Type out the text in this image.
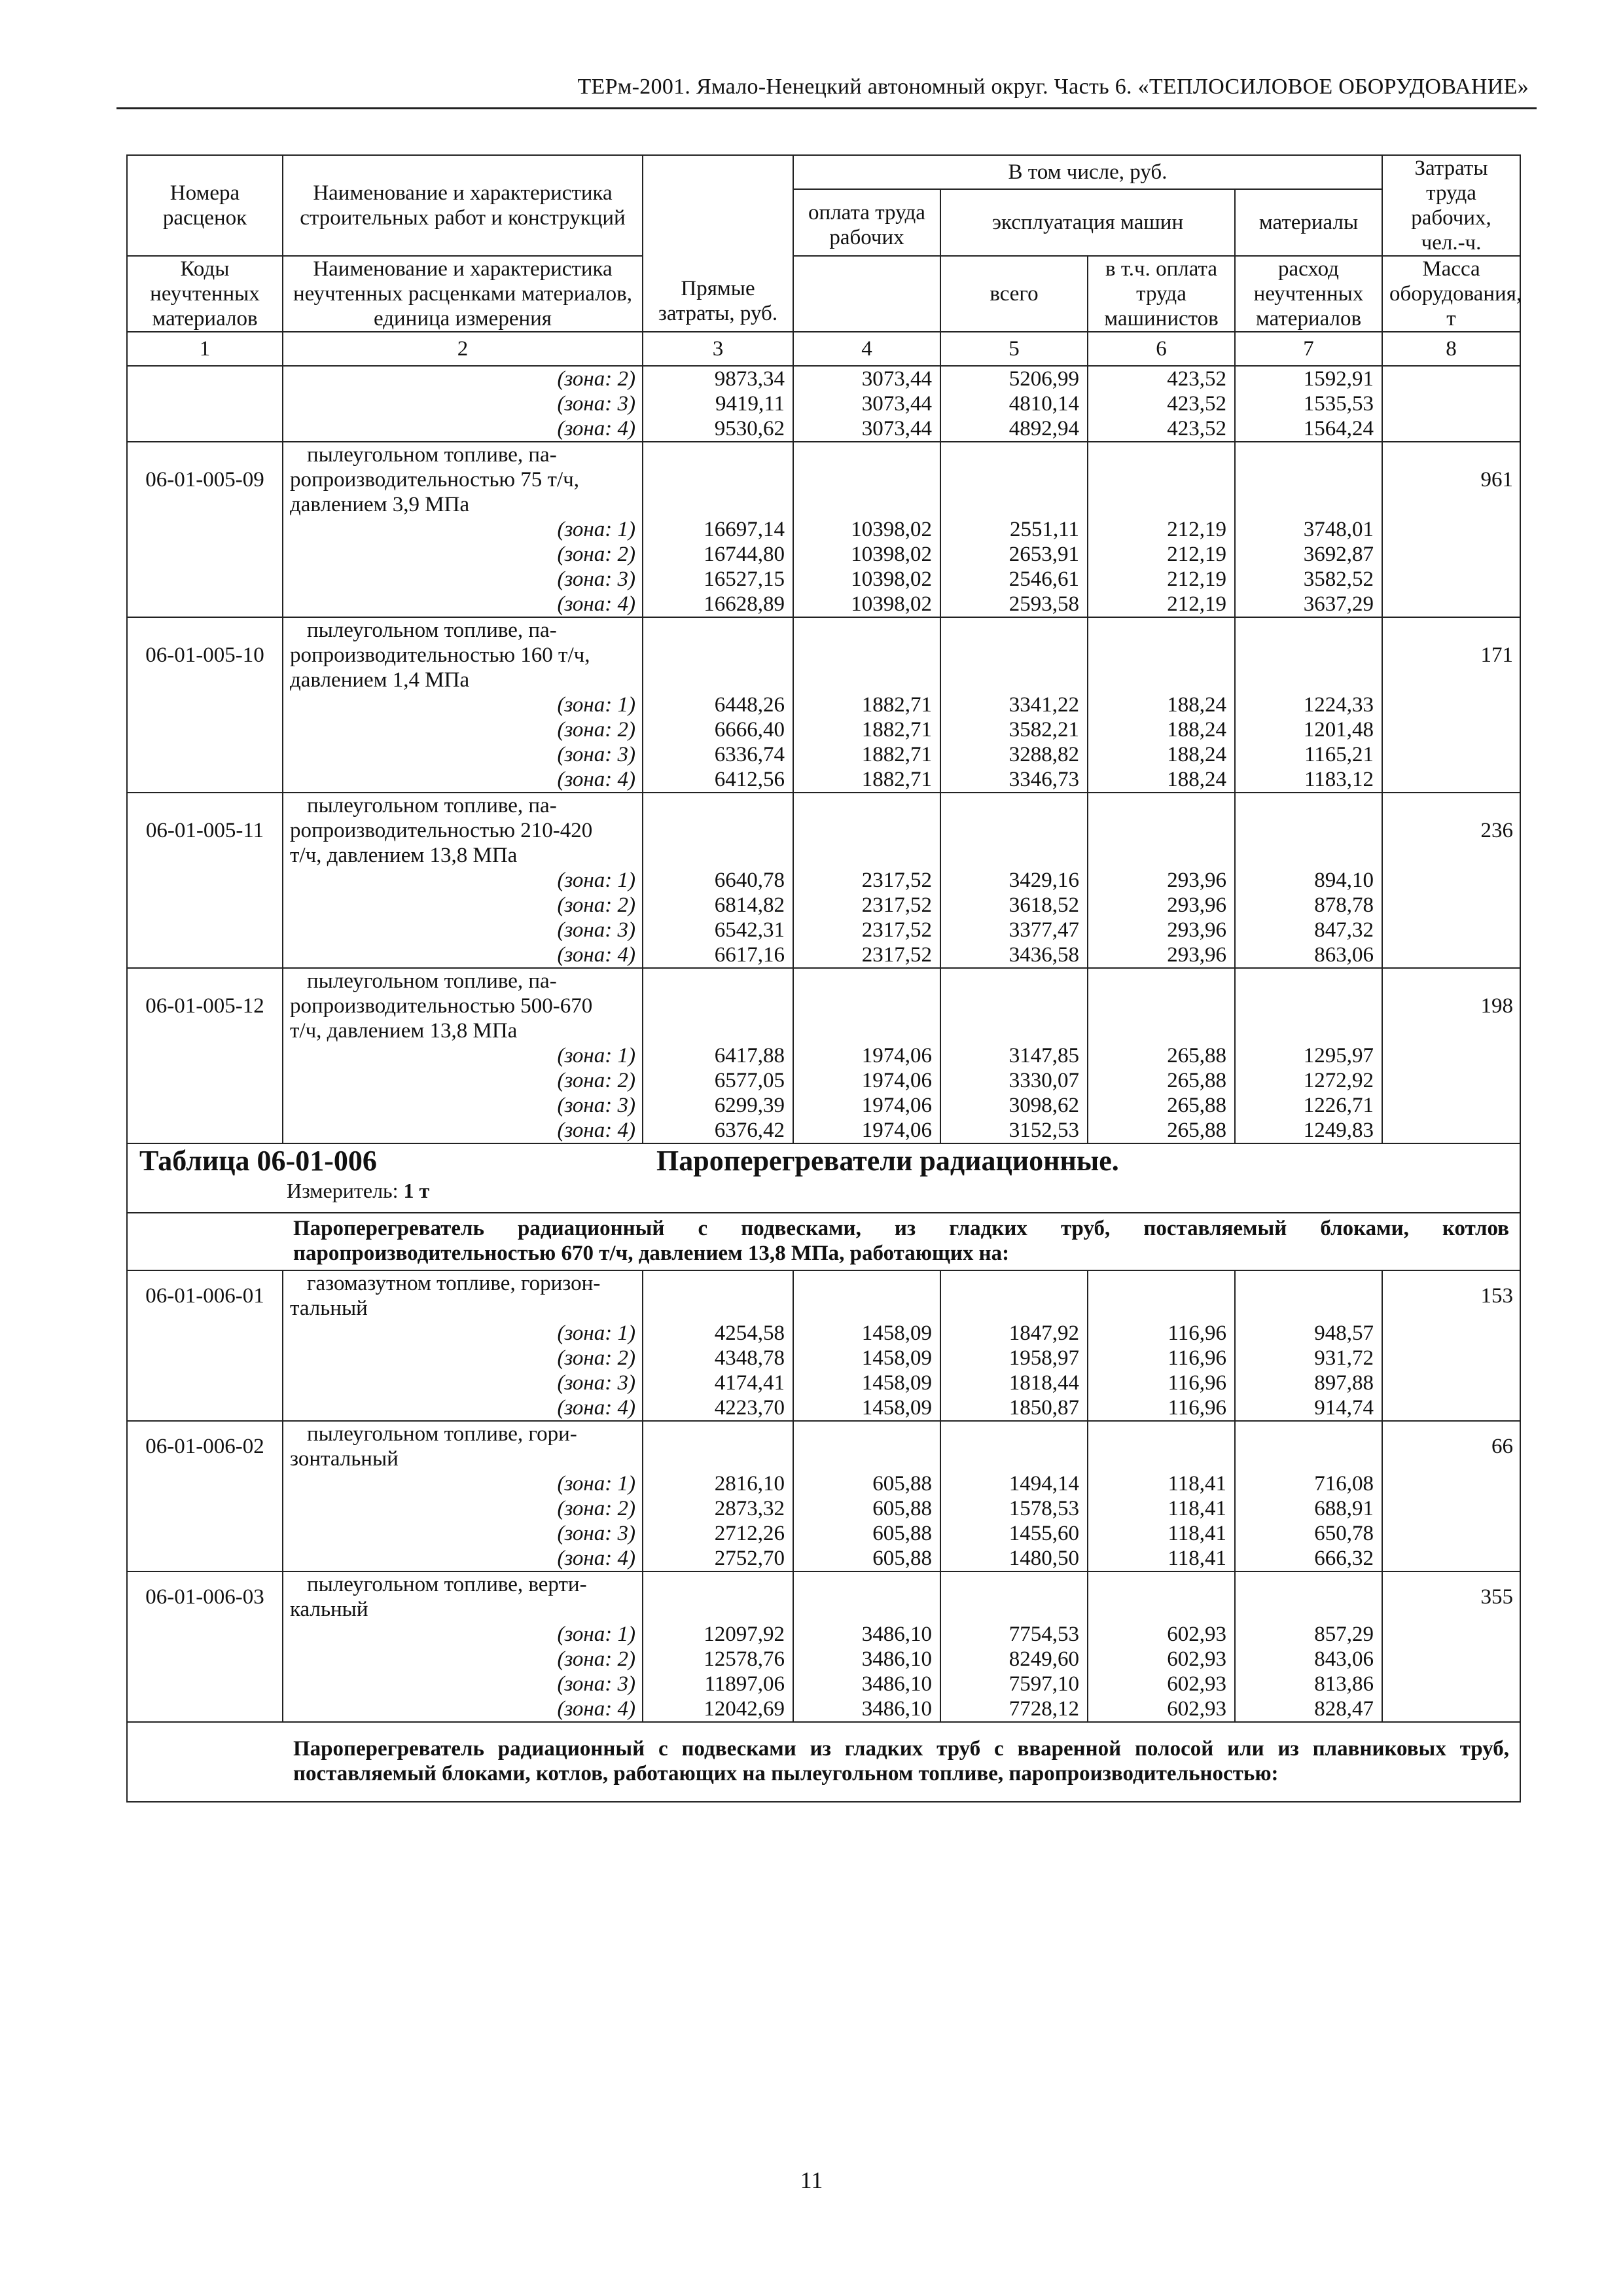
ТЕРм-2001. Ямало-Ненецкий автономный округ. Часть 6. «ТЕПЛОСИЛОВОЕ ОБОРУДОВАНИЕ»
Номера расценок	Наименование и характеристика строительных работ и конструкций	Прямые затраты, руб.	В том числе, руб.				Затраты труда рабочих, чел.-ч.
			оплата труда рабочих	эксплуатация машин		материалы	
Коды неучтенных материалов	Наименование и характеристика неучтенных расценками материалов, единица измерения			всего	в т.ч. оплата труда машинистов	расход неучтенных материалов	Масса оборудования, т

1	2	3	4	5	6	7	8
	(зона: 2)	9873,34	3073,44	5206,99	423,52	1592,91	
	(зона: 3)	9419,11	3073,44	4810,14	423,52	1535,53	
	(зона: 4)	9530,62	3073,44	4892,94	423,52	1564,24	
06-01-005-09	пылеугольном топливе, па-
ропроизводительностью 75 т/ч,
давлением 3,9 МПа						961
	(зона: 1)	16697,14	10398,02	2551,11	212,19	3748,01	
	(зона: 2)	16744,80	10398,02	2653,91	212,19	3692,87	
	(зона: 3)	16527,15	10398,02	2546,61	212,19	3582,52	
	(зона: 4)	16628,89	10398,02	2593,58	212,19	3637,29	
06-01-005-10	пылеугольном топливе, па-
ропроизводительностью 160 т/ч,
давлением 1,4 МПа						171
	(зона: 1)	6448,26	1882,71	3341,22	188,24	1224,33	
	(зона: 2)	6666,40	1882,71	3582,21	188,24	1201,48	
	(зона: 3)	6336,74	1882,71	3288,82	188,24	1165,21	
	(зона: 4)	6412,56	1882,71	3346,73	188,24	1183,12	
06-01-005-11	пылеугольном топливе, па-
ропроизводительностью 210-420
т/ч, давлением 13,8 МПа						236
	(зона: 1)	6640,78	2317,52	3429,16	293,96	894,10	
	(зона: 2)	6814,82	2317,52	3618,52	293,96	878,78	
	(зона: 3)	6542,31	2317,52	3377,47	293,96	847,32	
	(зона: 4)	6617,16	2317,52	3436,58	293,96	863,06	
06-01-005-12	пылеугольном топливе, па-
ропроизводительностью 500-670
т/ч, давлением 13,8 МПа						198
	(зона: 1)	6417,88	1974,06	3147,85	265,88	1295,97	
	(зона: 2)	6577,05	1974,06	3330,07	265,88	1272,92	
	(зона: 3)	6299,39	1974,06	3098,62	265,88	1226,71	
	(зона: 4)	6376,42	1974,06	3152,53	265,88	1249,83	

Таблица 06-01-006 Пароперегреватели радиационные.
Измеритель: 1 т							

	Пароперегреватель радиационный с подвесками, из гладких труб, поставляемый блоками, котлов паропроизводительностью 670 т/ч, давлением 13,8 МПа, работающих на:						
06-01-006-01	газомазутном топливе, горизон-
тальный						153
	(зона: 1)	4254,58	1458,09	1847,92	116,96	948,57	
	(зона: 2)	4348,78	1458,09	1958,97	116,96	931,72	
	(зона: 3)	4174,41	1458,09	1818,44	116,96	897,88	
	(зона: 4)	4223,70	1458,09	1850,87	116,96	914,74	
06-01-006-02	пылеугольном топливе, гори-
зонтальный						66
	(зона: 1)	2816,10	605,88	1494,14	118,41	716,08	
	(зона: 2)	2873,32	605,88	1578,53	118,41	688,91	
	(зона: 3)	2712,26	605,88	1455,60	118,41	650,78	
	(зона: 4)	2752,70	605,88	1480,50	118,41	666,32	
06-01-006-03	пылеугольном топливе, верти-
кальный						355
	(зона: 1)	12097,92	3486,10	7754,53	602,93	857,29	
	(зона: 2)	12578,76	3486,10	8249,60	602,93	843,06	
	(зона: 3)	11897,06	3486,10	7597,10	602,93	813,86	
	(зона: 4)	12042,69	3486,10	7728,12	602,93	828,47	
	Пароперегреватель радиационный с подвесками из гладких труб с вваренной полосой или из плавниковых труб, поставляемый блоками, котлов, работающих на пылеугольном топливе, паропроизводительностью:						
11
